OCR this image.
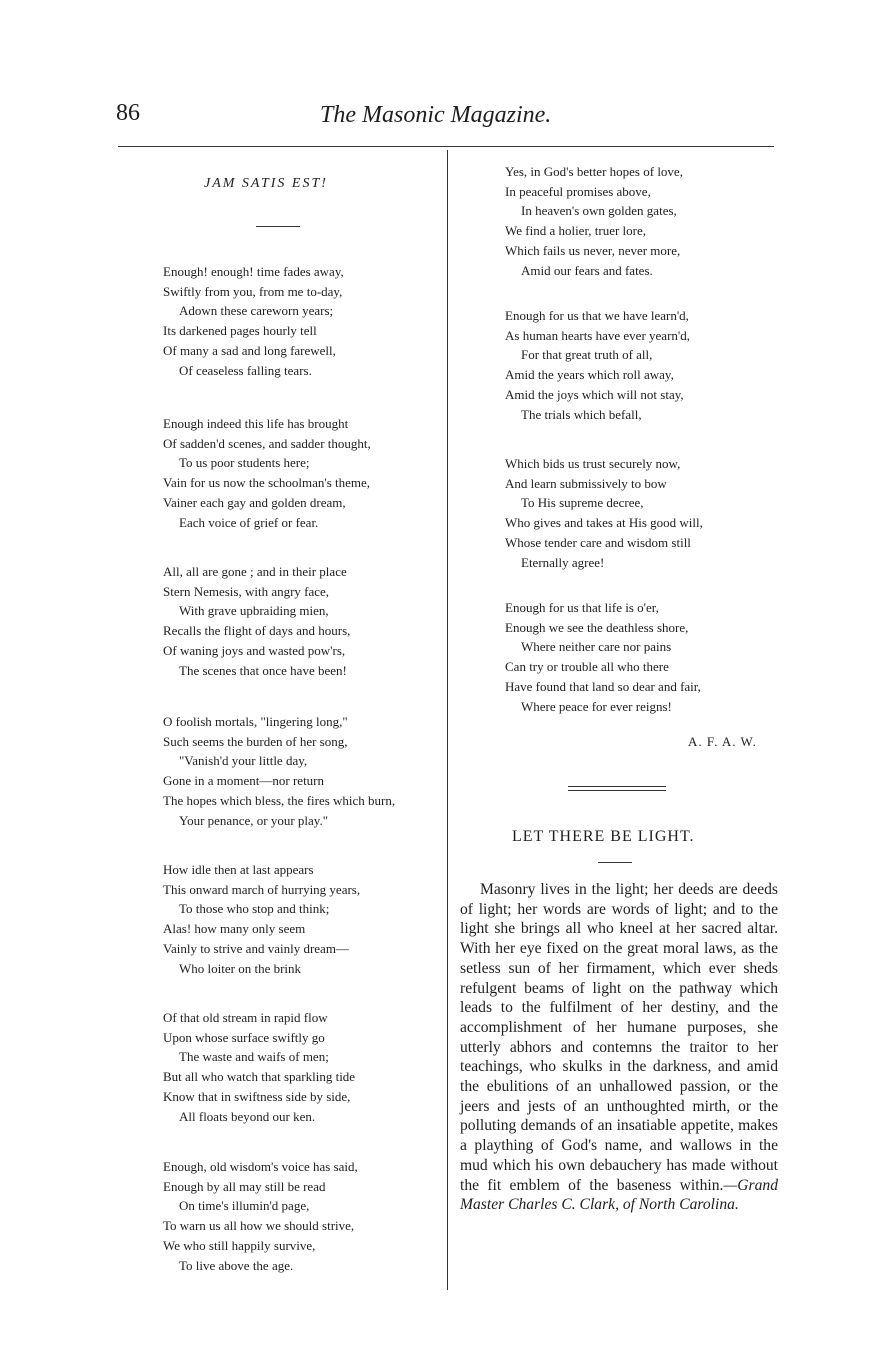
86	The Masonic Magazine.
JAM SATIS EST!
Enough! enough! time fades away,
Swiftly from you, from me to-day,
Adown these careworn years;
Its darkened pages hourly tell
Of many a sad and long farewell,
Of ceaseless falling tears.
Enough indeed this life has brought
Of sadden'd scenes, and sadder thought,
To us poor students here;
Vain for us now the schoolman's theme,
Vainer each gay and golden dream,
Each voice of grief or fear.
All, all are gone ; and in their place
Stern Nemesis, with angry face,
With grave upbraiding mien,
Recalls the flight of days and hours,
Of waning joys and wasted pow'rs,
The scenes that once have been!
O foolish mortals, "lingering long,"
Such seems the burden of her song,
"Vanish'd your little day,
Gone in a moment—nor return
The hopes which bless, the fires which burn,
Your penance, or your play."
How idle then at last appears
This onward march of hurrying years,
To those who stop and think;
Alas! how many only seem
Vainly to strive and vainly dream—
Who loiter on the brink
Of that old stream in rapid flow
Upon whose surface swiftly go
The waste and waifs of men;
But all who watch that sparkling tide
Know that in swiftness side by side,
All floats beyond our ken.
Enough, old wisdom's voice has said,
Enough by all may still be read
On time's illumin'd page,
To warn us all how we should strive,
We who still happily survive,
To live above the age.
Yes, in God's better hopes of love,
In peaceful promises above,
In heaven's own golden gates,
We find a holier, truer lore,
Which fails us never, never more,
Amid our fears and fates.
Enough for us that we have learn'd,
As human hearts have ever yearn'd,
For that great truth of all,
Amid the years which roll away,
Amid the joys which will not stay,
The trials which befall,
Which bids us trust securely now,
And learn submissively to bow
To His supreme decree,
Who gives and takes at His good will,
Whose tender care and wisdom still
Eternally agree!
Enough for us that life is o'er,
Enough we see the deathless shore,
Where neither care nor pains
Can try or trouble all who there
Have found that land so dear and fair,
Where peace for ever reigns!
A. F. A. W.
LET THERE BE LIGHT.
Masonry lives in the light; her deeds are deeds of light; her words are words of light; and to the light she brings all who kneel at her sacred altar. With her eye fixed on the great moral laws, as the setless sun of her firmament, which ever sheds refulgent beams of light on the pathway which leads to the fulfilment of her destiny, and the accomplishment of her humane purposes, she utterly abhors and contemns the traitor to her teachings, who skulks in the darkness, and amid the ebulitions of an unhallowed passion, or the jeers and jests of an unthoughted mirth, or the polluting demands of an insatiable appetite, makes a plaything of God's name, and wallows in the mud which his own debauchery has made without the fit emblem of the baseness within.—Grand Master Charles C. Clark, of North Carolina.
